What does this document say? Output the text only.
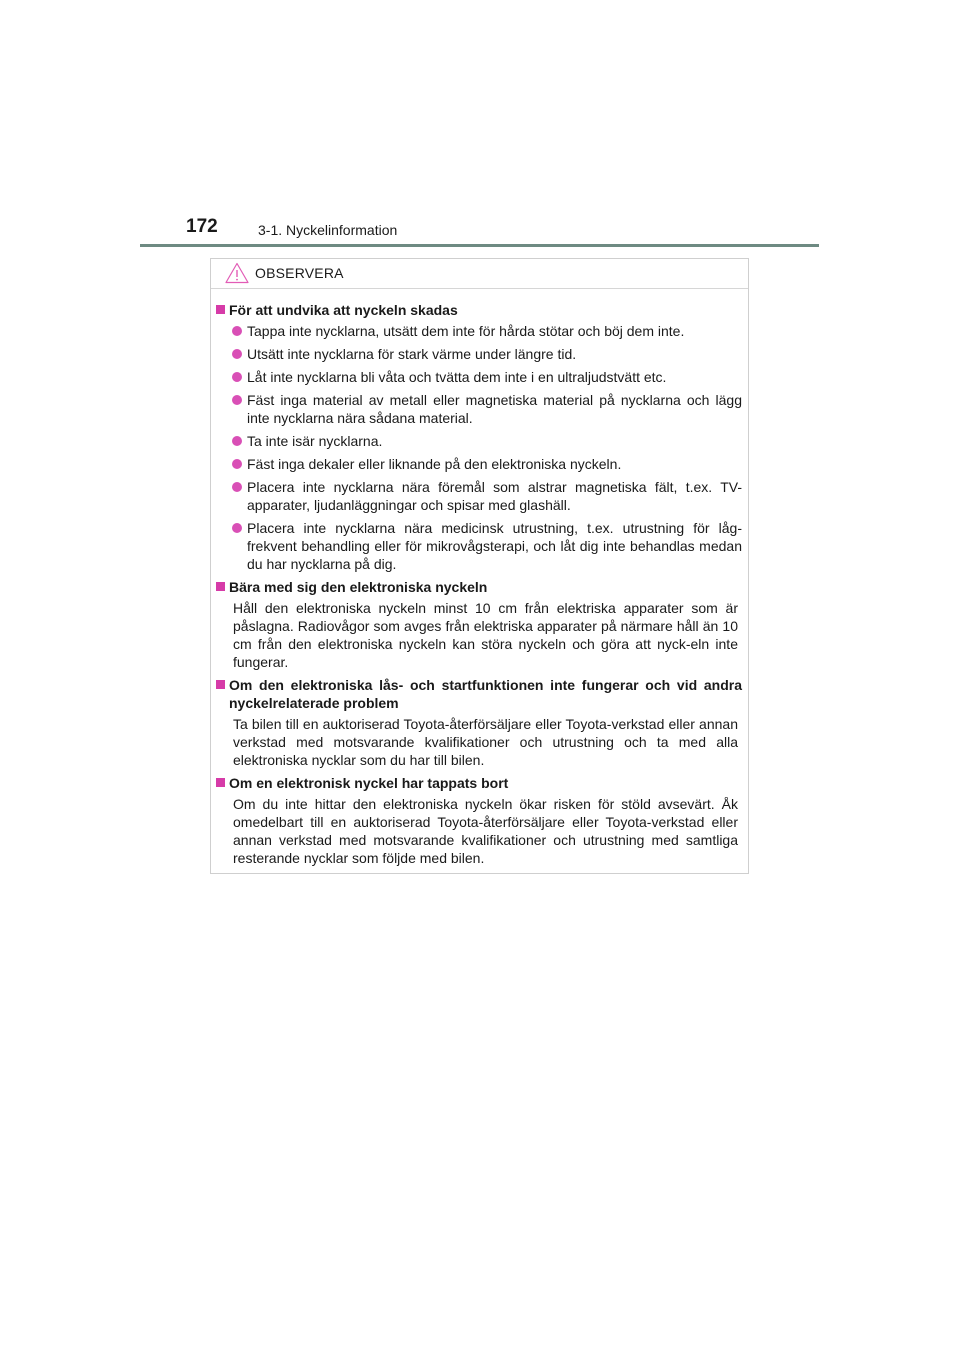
172	3-1. Nyckelinformation
OBSERVERA
För att undvika att nyckeln skadas
Tappa inte nycklarna, utsätt dem inte för hårda stötar och böj dem inte.
Utsätt inte nycklarna för stark värme under längre tid.
Låt inte nycklarna bli våta och tvätta dem inte i en ultraljudstvätt etc.
Fäst inga material av metall eller magnetiska material på nycklarna och lägg inte nycklarna nära sådana material.
Ta inte isär nycklarna.
Fäst inga dekaler eller liknande på den elektroniska nyckeln.
Placera inte nycklarna nära föremål som alstrar magnetiska fält, t.ex. TV-apparater, ljudanläggningar och spisar med glashäll.
Placera inte nycklarna nära medicinsk utrustning, t.ex. utrustning för låg-frekvent behandling eller för mikrovågsterapi, och låt dig inte behandlas medan du har nycklarna på dig.
Bära med sig den elektroniska nyckeln
Håll den elektroniska nyckeln minst 10 cm från elektriska apparater som är påslagna. Radiovågor som avges från elektriska apparater på närmare håll än 10 cm från den elektroniska nyckeln kan störa nyckeln och göra att nyck-eln inte fungerar.
Om den elektroniska lås- och startfunktionen inte fungerar och vid andra nyckelrelaterade problem
Ta bilen till en auktoriserad Toyota-återförsäljare eller Toyota-verkstad eller annan verkstad med motsvarande kvalifikationer och utrustning och ta med alla elektroniska nycklar som du har till bilen.
Om en elektronisk nyckel har tappats bort
Om du inte hittar den elektroniska nyckeln ökar risken för stöld avsevärt. Åk omedelbart till en auktoriserad Toyota-återförsäljare eller Toyota-verkstad eller annan verkstad med motsvarande kvalifikationer och utrustning med samtliga resterande nycklar som följde med bilen.
